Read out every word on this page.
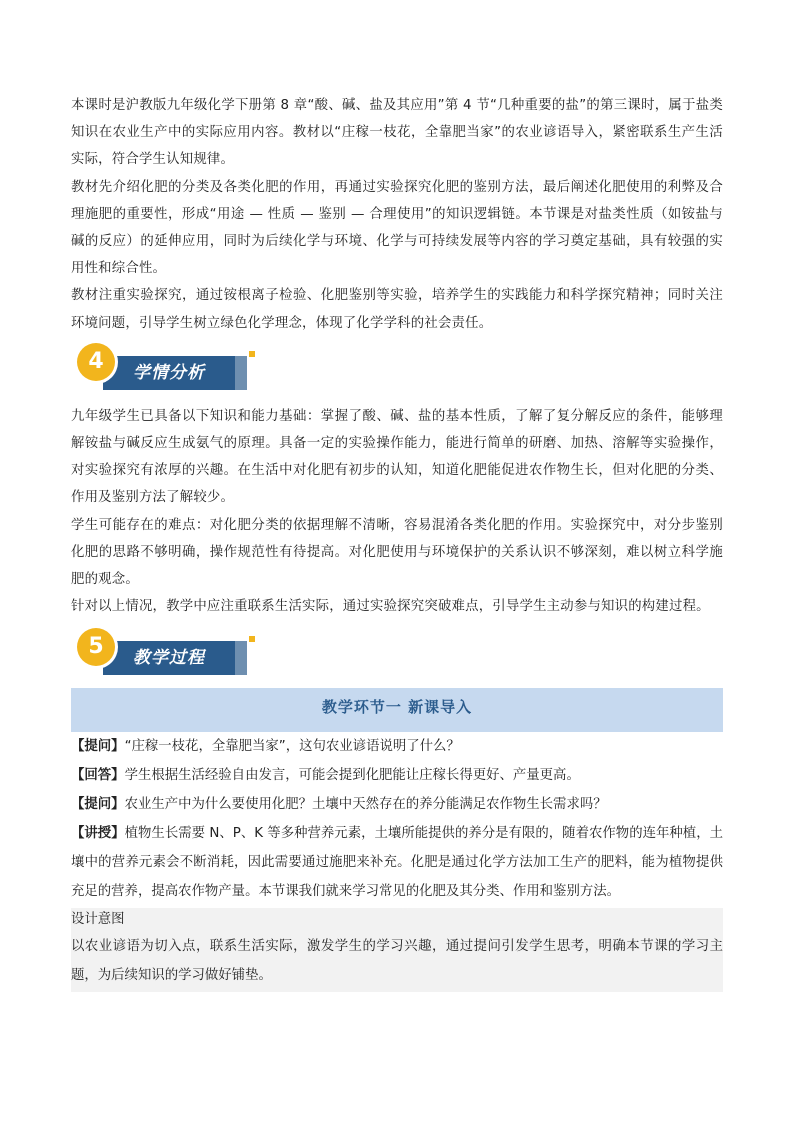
本课时是沪教版九年级化学下册第 8 章“酸、碱、盐及其应用”第 4 节“几种重要的盐”的第三课时，属于盐类知识在农业生产中的实际应用内容。教材以“庄稼一枝花，全靠肥当家”的农业谚语导入，紧密联系生产生活实际，符合学生认知规律。

教材先介绍化肥的分类及各类化肥的作用，再通过实验探究化肥的鉴别方法，最后阐述化肥使用的利弊及合理施肥的重要性，形成“用途 — 性质 — 鉴别 — 合理使用”的知识逻辑链。本节课是对盐类性质（如铵盐与碱的反应）的延伸应用，同时为后续化学与环境、化学与可持续发展等内容的学习奠定基础，具有较强的实用性和综合性。

教材注重实验探究，通过铵根离子检验、化肥鉴别等实验，培养学生的实践能力和科学探究精神；同时关注环境问题，引导学生树立绿色化学理念，体现了化学学科的社会责任。

4	学情分析

九年级学生已具备以下知识和能力基础：掌握了酸、碱、盐的基本性质，了解了复分解反应的条件，能够理解铵盐与碱反应生成氨气的原理。具备一定的实验操作能力，能进行简单的研磨、加热、溶解等实验操作，对实验探究有浓厚的兴趣。在生活中对化肥有初步的认知，知道化肥能促进农作物生长，但对化肥的分类、作用及鉴别方法了解较少。

学生可能存在的难点：对化肥分类的依据理解不清晰，容易混淆各类化肥的作用。实验探究中，对分步鉴别化肥的思路不够明确，操作规范性有待提高。对化肥使用与环境保护的关系认识不够深刻，难以树立科学施肥的观念。

针对以上情况，教学中应注重联系生活实际，通过实验探究突破难点，引导学生主动参与知识的构建过程。

5	教学过程
教学环节一 新课导入

【提问】“庄稼一枝花，全靠肥当家”，这句农业谚语说明了什么？

【回答】学生根据生活经验自由发言，可能会提到化肥能让庄稼长得更好、产量更高。

【提问】农业生产中为什么要使用化肥？土壤中天然存在的养分能满足农作物生长需求吗？

【讲授】植物生长需要 N、P、K 等多种营养元素，土壤所能提供的养分是有限的，随着农作物的连年种植，土壤中的营养元素会不断消耗，因此需要通过施肥来补充。化肥是通过化学方法加工生产的肥料，能为植物提供充足的营养，提高农作物产量。本节课我们就来学习常见的化肥及其分类、作用和鉴别方法。

设计意图

以农业谚语为切入点，联系生活实际，激发学生的学习兴趣，通过提问引发学生思考，明确本节课的学习主题，为后续知识的学习做好铺垫。
